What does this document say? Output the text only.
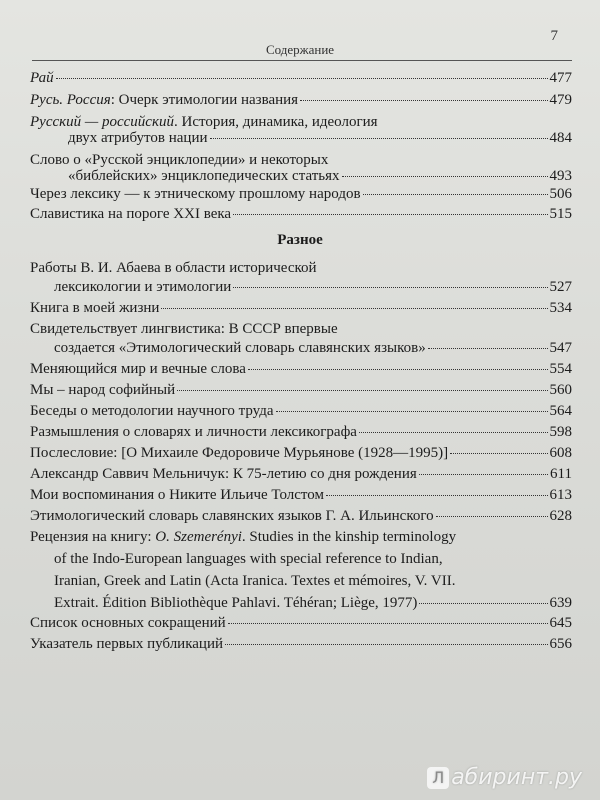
7
Содержание
Рай	477
Русь. Россия: Очерк этимологии названия	479
Русский — российский. История, динамика, идеология
двух атрибутов нации	484
Слово о «Русской энциклопедии» и некоторых
«библейских» энциклопедических статьях	493
Через лексику — к этническому прошлому народов	506
Славистика на пороге XXI века	515
Разное
Работы В. И. Абаева в области исторической
лексикологии и этимологии	527
Книга в моей жизни	534
Свидетельствует лингвистика: В СССР впервые
создается «Этимологический словарь славянских языков»	547
Меняющийся мир и вечные слова	554
Мы – народ софийный	560
Беседы о методологии научного труда	564
Размышления о словарях и личности лексикографа	598
Послесловие: [О Михаиле Федоровиче Мурьянове (1928—1995)]	608
Александр Саввич Мельничук: К 75-летию со дня рождения	611
Мои воспоминания о Никите Ильиче Толстом	613
Этимологический словарь славянских языков Г. А. Ильинского	628
Рецензия на книгу: O. Szemerényi. Studies in the kinship terminology
of the Indo-European languages with special reference to Indian,
Iranian, Greek and Latin (Acta Iranica. Textes et mémoires, V. VII.
Extrait. Édition Bibliothèque Pahlavi. Téhéran; Liège, 1977)	639
Список основных сокращений	645
Указатель первых публикаций	656
Л абиринт.ру
